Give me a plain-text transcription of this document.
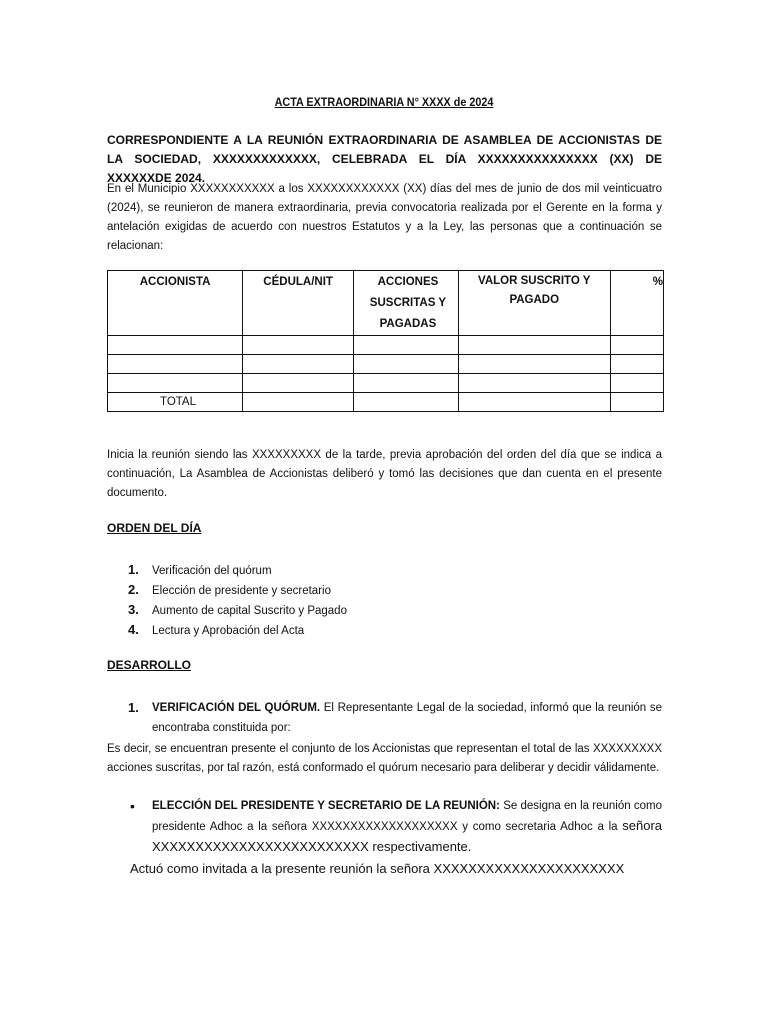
ACTA EXTRAORDINARIA N° XXXX de 2024
CORRESPONDIENTE A LA REUNIÓN EXTRAORDINARIA DE ASAMBLEA DE ACCIONISTAS DE LA SOCIEDAD, XXXXXXXXXXXXX, CELEBRADA EL DÍA XXXXXXXXXXXXXXX (XX) DE XXXXXXDE 2024.
En el Municipio XXXXXXXXXXX a los XXXXXXXXXXXX (XX) días del mes de junio de dos mil veinticuatro (2024), se reunieron de manera extraordinaria, previa convocatoria realizada por el Gerente en la forma y antelación exigidas de acuerdo con nuestros Estatutos y a la Ley, las personas que a continuación se relacionan:
ACCIONISTA	CÉDULA/NIT	ACCIONES SUSCRITAS Y PAGADAS	VALOR SUSCRITO Y PAGADO	%

TOTAL				
Inicia la reunión siendo las XXXXXXXXX de la tarde, previa aprobación del orden del día que se indica a continuación, La Asamblea de Accionistas deliberó y tomó las decisiones que dan cuenta en el presente documento.
ORDEN DEL DÍA
1. Verificación del quórum
2. Elección de presidente y secretario
3. Aumento de capital Suscrito y Pagado
4. Lectura y Aprobación del Acta
DESARROLLO
1. VERIFICACIÓN DEL QUÓRUM. El Representante Legal de la sociedad, informó que la reunión se encontraba constituida por:
Es decir, se encuentran presente el conjunto de los Accionistas que representan el total de las XXXXXXXXX acciones suscritas, por tal razón, está conformado el quórum necesario para deliberar y decidir válidamente.
• ELECCIÓN DEL PRESIDENTE Y SECRETARIO DE LA REUNIÓN: Se designa en la reunión como presidente Adhoc a la señora XXXXXXXXXXXXXXXXXXX y como secretaria Adhoc a la señora XXXXXXXXXXXXXXXXXXXXXXXXX respectivamente.
Actuó como invitada a la presente reunión la señora XXXXXXXXXXXXXXXXXXXXXX
